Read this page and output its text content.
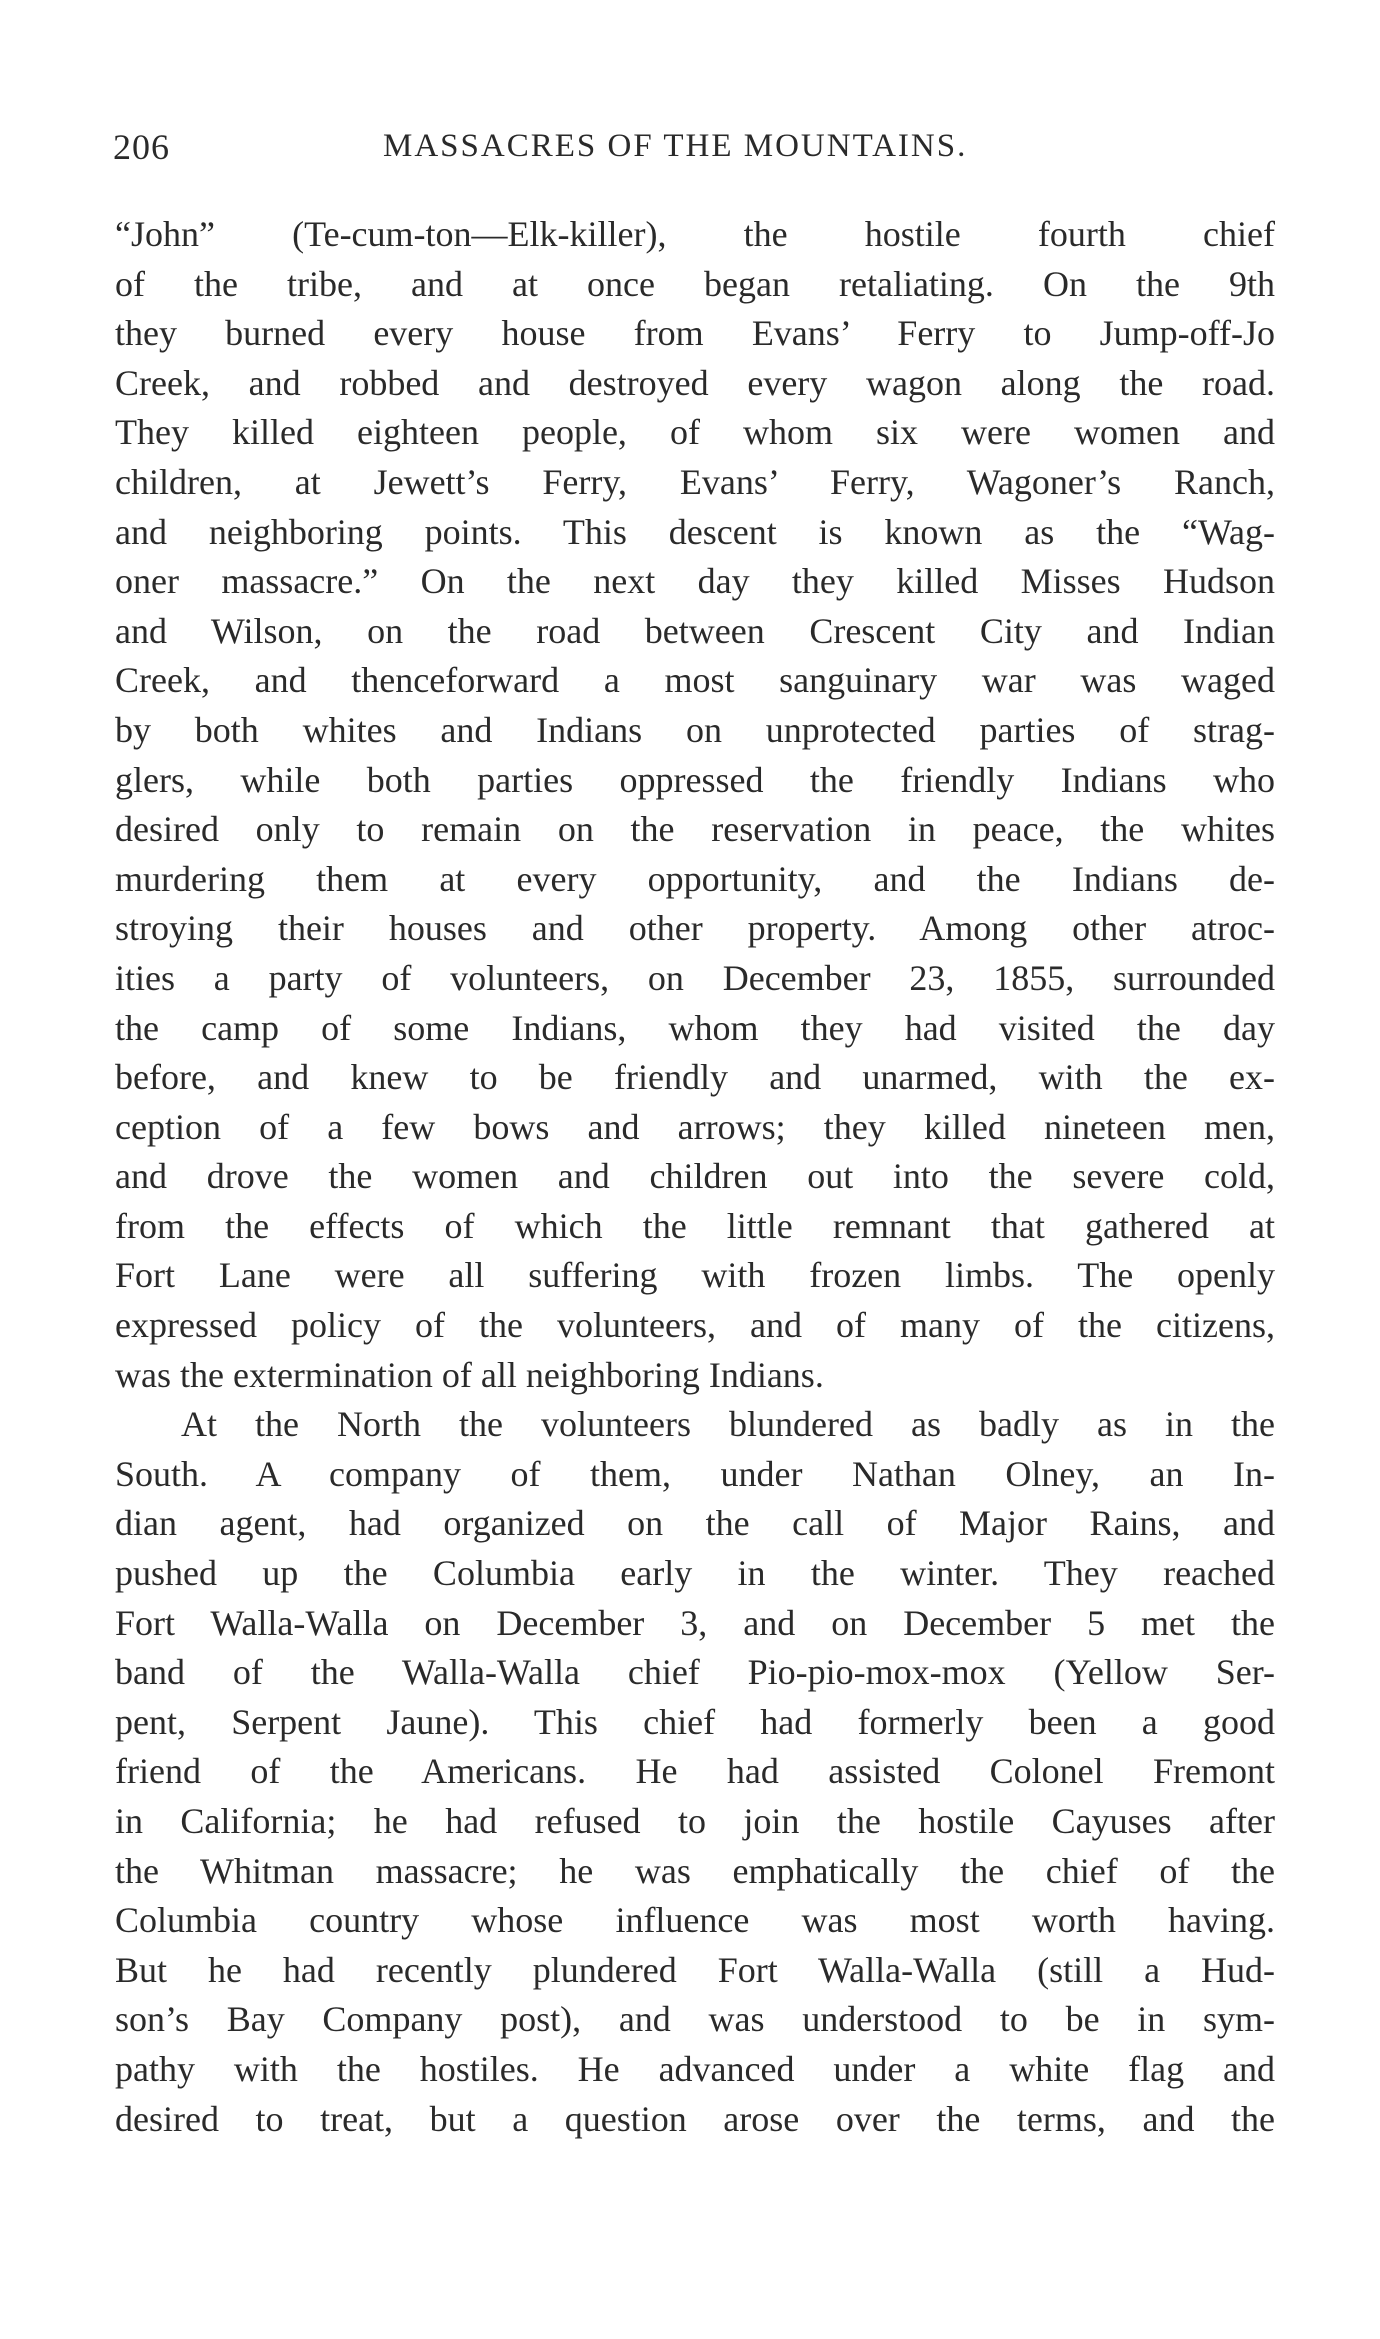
206	MASSACRES OF THE MOUNTAINS.
“John” (Te-cum-ton—Elk-killer), the hostile fourth chief
of the tribe, and at once began retaliating. On the 9th
they burned every house from Evans’ Ferry to Jump-off-Jo
Creek, and robbed and destroyed every wagon along the road.
They killed eighteen people, of whom six were women and
children, at Jewett’s Ferry, Evans’ Ferry, Wagoner’s Ranch,
and neighboring points. This descent is known as the “Wag-
oner massacre.” On the next day they killed Misses Hudson
and Wilson, on the road between Crescent City and Indian
Creek, and thenceforward a most sanguinary war was waged
by both whites and Indians on unprotected parties of strag-
glers, while both parties oppressed the friendly Indians who
desired only to remain on the reservation in peace, the whites
murdering them at every opportunity, and the Indians de-
stroying their houses and other property. Among other atroc-
ities a party of volunteers, on December 23, 1855, surrounded
the camp of some Indians, whom they had visited the day
before, and knew to be friendly and unarmed, with the ex-
ception of a few bows and arrows; they killed nineteen men,
and drove the women and children out into the severe cold,
from the effects of which the little remnant that gathered at
Fort Lane were all suffering with frozen limbs. The openly
expressed policy of the volunteers, and of many of the citizens,
was the extermination of all neighboring Indians.
At the North the volunteers blundered as badly as in the
South. A company of them, under Nathan Olney, an In-
dian agent, had organized on the call of Major Rains, and
pushed up the Columbia early in the winter. They reached
Fort Walla-Walla on December 3, and on December 5 met the
band of the Walla-Walla chief Pio-pio-mox-mox (Yellow Ser-
pent, Serpent Jaune). This chief had formerly been a good
friend of the Americans. He had assisted Colonel Fremont
in California; he had refused to join the hostile Cayuses after
the Whitman massacre; he was emphatically the chief of the
Columbia country whose influence was most worth having.
But he had recently plundered Fort Walla-Walla (still a Hud-
son’s Bay Company post), and was understood to be in sym-
pathy with the hostiles. He advanced under a white flag and
desired to treat, but a question arose over the terms, and the
